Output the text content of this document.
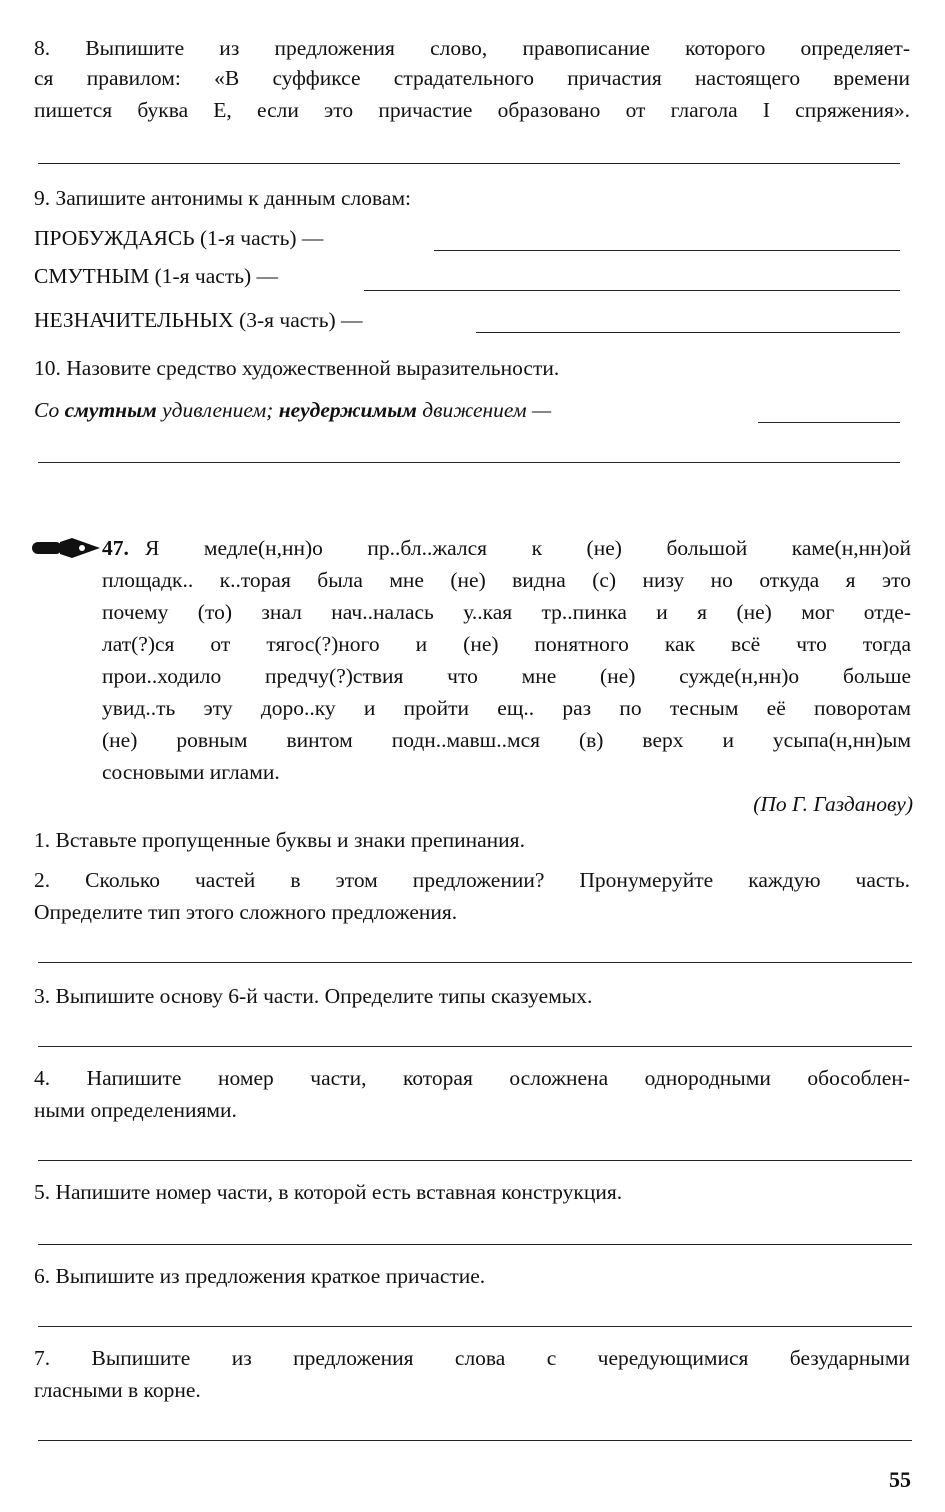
8. Выпишите из предложения слово, правописание которого определяет-
ся правилом: «В суффиксе страдательного причастия настоящего времени
пишется буква Е, если это причастие образовано от глагола I спряжения».
9. Запишите антонимы к данным словам:
ПРОБУЖДАЯСЬ (1-я часть) —
СМУТНЫМ (1-я часть) —
НЕЗНАЧИТЕЛЬНЫХ (3-я часть) —
10. Назовите средство художественной выразительности.
Со смутным удивлением; неудержимым движением —
47. Я медле(н,нн)о пр..бл..жался к (не) большой каме(н,нн)ой
площадк.. к..торая была мне (не) видна (с) низу но откуда я это
почему (то) знал нач..налась у..кая тр..пинка и я (не) мог отде-
лат(?)ся от тягос(?)ного и (не) понятного как всё что тогда
прои..ходило предчу(?)ствия что мне (не) сужде(н,нн)о больше
увид..ть эту доро..ку и пройти ещ.. раз по тесным её поворотам
(не) ровным винтом подн..мавш..мся (в) верх и усыпа(н,нн)ым
сосновыми иглами.
(По Г. Газданову)
1. Вставьте пропущенные буквы и знаки препинания.
2. Сколько частей в этом предложении? Пронумеруйте каждую часть.
Определите тип этого сложного предложения.
3. Выпишите основу 6-й части. Определите типы сказуемых.
4. Напишите номер части, которая осложнена однородными обособлен-
ными определениями.
5. Напишите номер части, в которой есть вставная конструкция.
6. Выпишите из предложения краткое причастие.
7. Выпишите из предложения слова с чередующимися безударными
гласными в корне.
55
